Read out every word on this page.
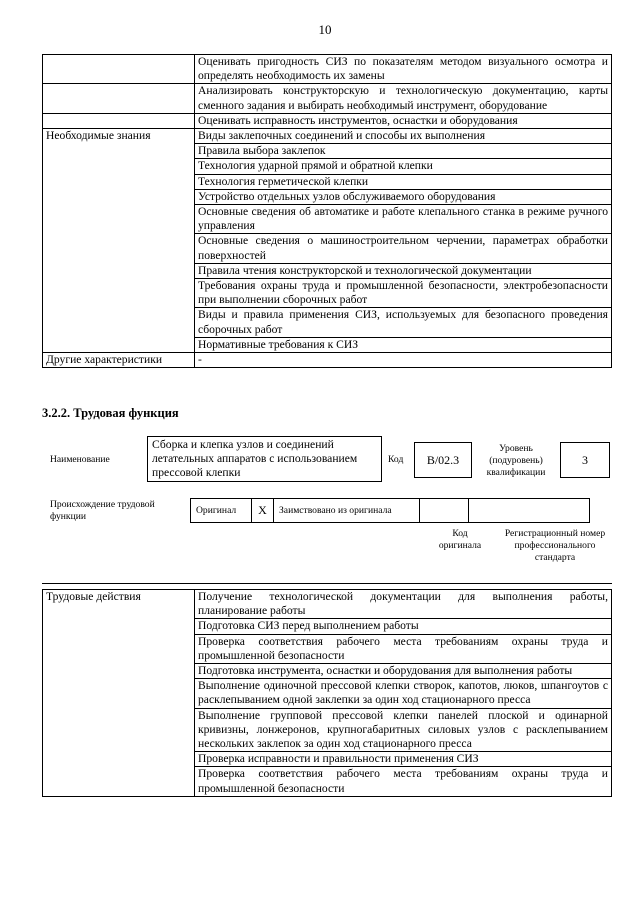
10
	Оценивать пригодность СИЗ по показателям методом визуального осмотра и определять необходимость их замены
	Анализировать конструкторскую и технологическую документацию, карты сменного задания и выбирать необходимый инструмент, оборудование
	Оценивать исправность инструментов, оснастки и оборудования
Необходимые знания	Виды заклепочных соединений и способы их выполнения
	Правила выбора заклепок
	Технология ударной прямой и обратной клепки
	Технология герметической клепки
	Устройство отдельных узлов обслуживаемого оборудования
	Основные сведения об автоматике и работе клепального станка в режиме ручного управления
	Основные сведения о машиностроительном черчении, параметрах обработки поверхностей
	Правила чтения конструкторской и технологической документации
	Требования охраны труда и промышленной безопасности, электробезопасности при выполнении сборочных работ
	Виды и правила применения СИЗ, используемых для безопасного проведения сборочных работ
	Нормативные требования к СИЗ
Другие характеристики	-
3.2.2. Трудовая функция
Наименование
Сборка и клепка узлов и соединений летательных аппаратов с использованием прессовой клепки
Код	B/02.3
Уровень (подуровень) квалификации
3
Происхождение трудовой функции
Оригинал	X	Заимствовано из оригинала
Код оригинала
Регистрационный номер профессионального стандарта
Трудовые действия	Получение технологической документации для выполнения работы, планирование работы
Подготовка СИЗ перед выполнением работы
Проверка соответствия рабочего места требованиям охраны труда и промышленной безопасности
Подготовка инструмента, оснастки и оборудования для выполнения работы
Выполнение одиночной прессовой клепки створок, капотов, люков, шпангоутов с расклепыванием одной заклепки за один ход стационарного пресса
Выполнение групповой прессовой клепки панелей плоской и одинарной кривизны, лонжеронов, крупногабаритных силовых узлов с расклепыванием нескольких заклепок за один ход стационарного пресса
Проверка исправности и правильности применения СИЗ
Проверка соответствия рабочего места требованиям охраны труда и промышленной безопасности
